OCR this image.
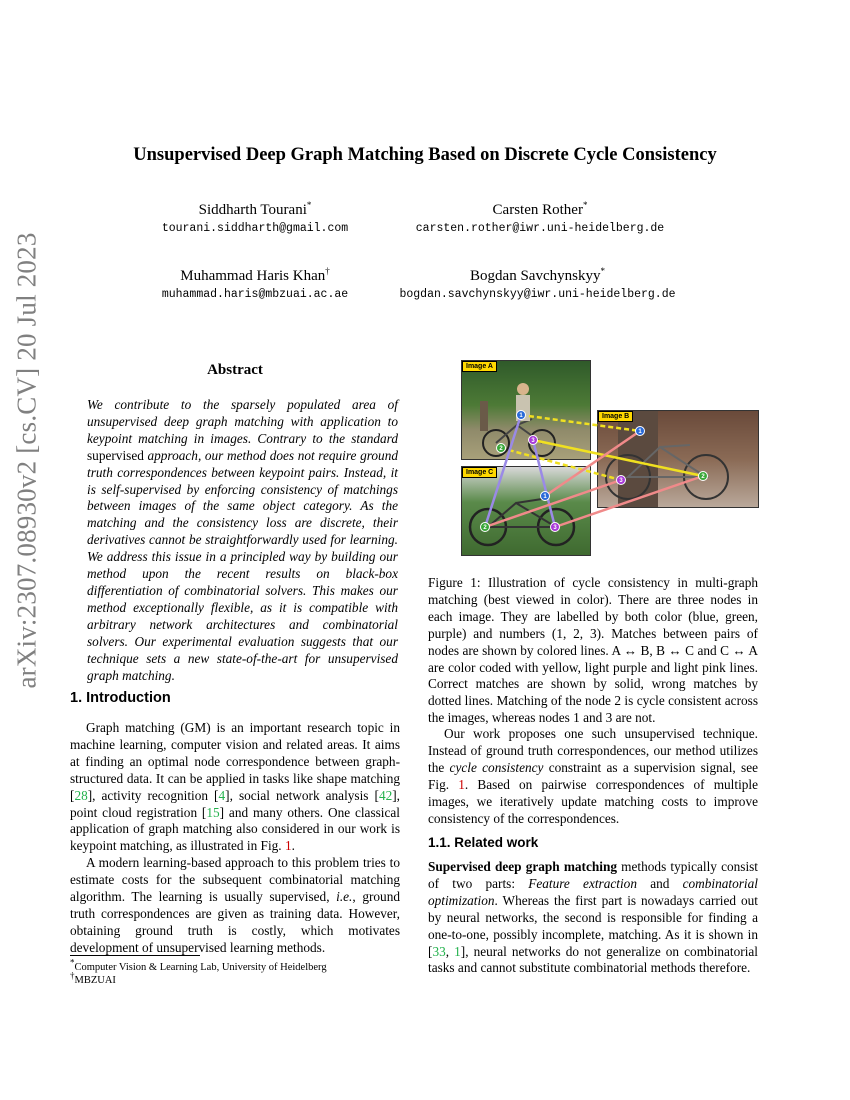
arXiv:2307.08930v2 [cs.CV] 20 Jul 2023
Unsupervised Deep Graph Matching Based on Discrete Cycle Consistency
Siddharth Tourani*
tourani.siddharth@gmail.com
Carsten Rother*
carsten.rother@iwr.uni-heidelberg.de
Muhammad Haris Khan†
muhammad.haris@mbzuai.ac.ae
Bogdan Savchynskyy*
bogdan.savchynskyy@iwr.uni-heidelberg.de
Abstract

We contribute to the sparsely populated area of unsupervised deep graph matching with application to keypoint matching in images. Contrary to the standard supervised approach, our method does not require ground truth correspondences between keypoint pairs. Instead, it is self-supervised by enforcing consistency of matchings between images of the same object category. As the matching and the consistency loss are discrete, their derivatives cannot be straightforwardly used for learning. We address this issue in a principled way by building our method upon the recent results on black-box differentiation of combinatorial solvers. This makes our method exceptionally flexible, as it is compatible with arbitrary network architectures and combinatorial solvers. Our experimental evaluation suggests that our technique sets a new state-of-the-art for unsupervised graph matching.

1. Introduction

Graph matching (GM) is an important research topic in machine learning, computer vision and related areas. It aims at finding an optimal node correspondence between graph-structured data. It can be applied in tasks like shape matching [28], activity recognition [4], social network analysis [42], point cloud registration [15] and many others. One classical application of graph matching also considered in our work is keypoint matching, as illustrated in Fig. 1.

A modern learning-based approach to this problem tries to estimate costs for the subsequent combinatorial matching algorithm. The learning is usually supervised, i.e., ground truth correspondences are given as training data. However, obtaining ground truth is costly, which motivates development of unsupervised learning methods.

*Computer Vision & Learning Lab, University of Heidelberg
†MBZUAI
Image A
Image B
Image C
1
3
2
1
3
2
2	3
1
Figure 1: Illustration of cycle consistency in multi-graph matching (best viewed in color). There are three nodes in each image. They are labelled by both color (blue, green, purple) and numbers (1, 2, 3). Matches between pairs of nodes are shown by colored lines. A ↔ B, B ↔ C and C ↔ A are color coded with yellow, light purple and light pink lines. Correct matches are shown by solid, wrong matches by dotted lines. Matching of the node 2 is cycle consistent across the images, whereas nodes 1 and 3 are not.

Our work proposes one such unsupervised technique. Instead of ground truth correspondences, our method utilizes the cycle consistency constraint as a supervision signal, see Fig. 1. Based on pairwise correspondences of multiple images, we iteratively update matching costs to improve consistency of the correspondences.

1.1. Related work

Supervised deep graph matching methods typically consist of two parts: Feature extraction and combinatorial optimization. Whereas the first part is nowadays carried out by neural networks, the second is responsible for finding a one-to-one, possibly incomplete, matching. As it is shown in [33, 1], neural networks do not generalize on combinatorial tasks and cannot substitute combinatorial methods therefore.
